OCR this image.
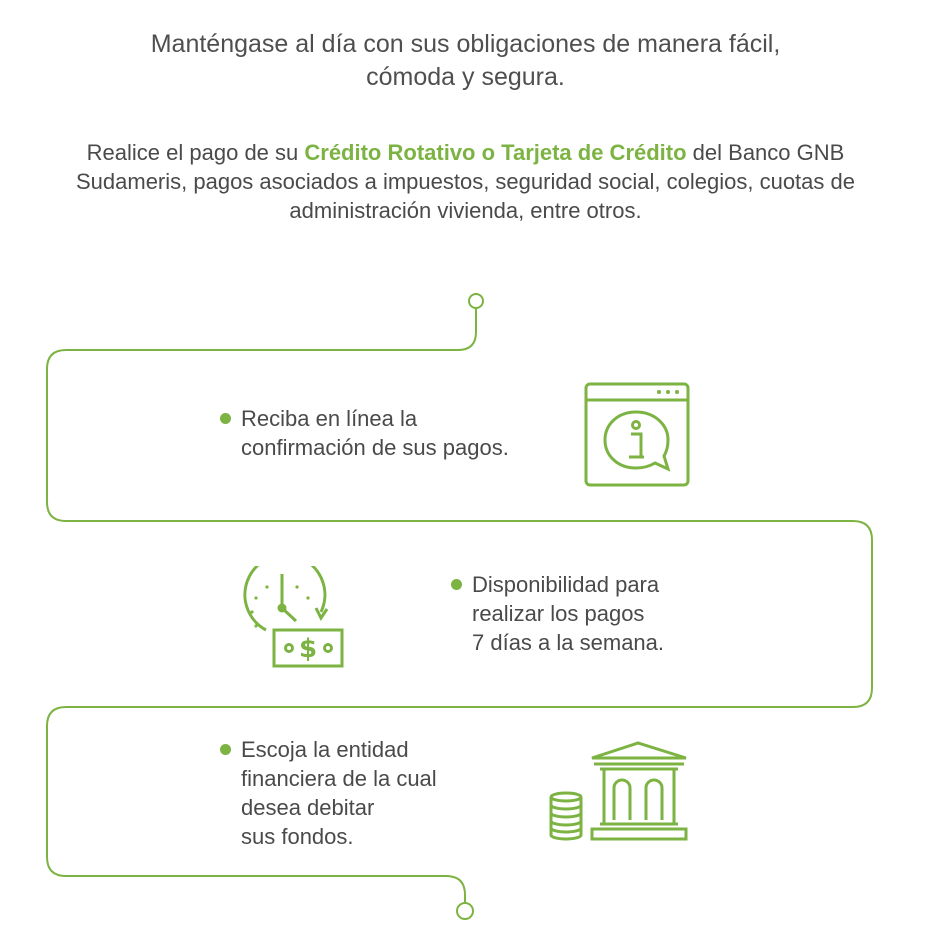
Manténgase al día con sus obligaciones de manera fácil,
cómoda y segura.
Realice el pago de su Crédito Rotativo o Tarjeta de Crédito del Banco GNB Sudameris, pagos asociados a impuestos, seguridad social, colegios, cuotas de administración vivienda, entre otros.
Reciba en línea la
confirmación de sus pagos.
Disponibilidad para
realizar los pagos
7 días a la semana.
$
Escoja la entidad
financiera de la cual
desea debitar
sus fondos.
